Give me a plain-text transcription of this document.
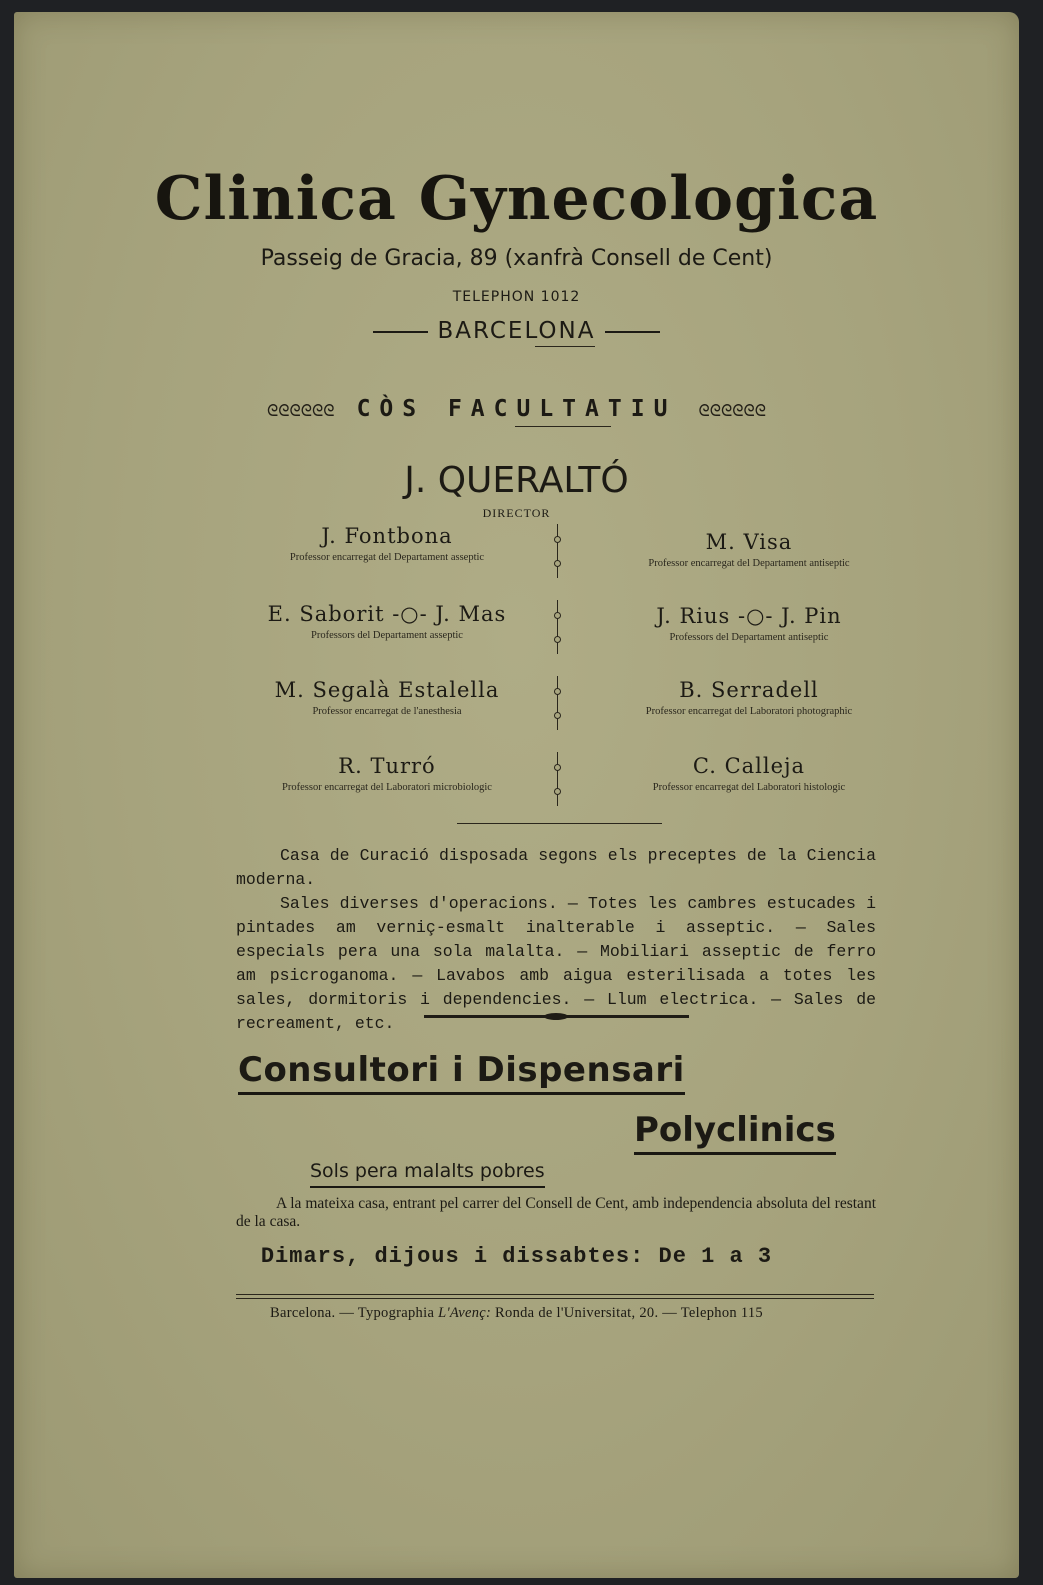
Clinica Gynecologica
Passeig de Gracia, 89 (xanfrà Consell de Cent)
TELEPHON 1012
BARCELONA
ᘓᘓᘓᘓᘓᘓ CÒS FACULTATIU ᘓᘓᘓᘓᘓᘓ
J. QUERALTÓ
DIRECTOR
J. Fontbona
Professor encarregat del Departament asseptic
M. Visa
Professor encarregat del Departament antiseptic
E. Saborit -○- J. Mas
Professors del Departament asseptic
J. Rius -○- J. Pin
Professors del Departament antiseptic
M. Segalà Estalella
Professor encarregat de l'anesthesia
B. Serradell
Professor encarregat del Laboratori photographic
R. Turró
Professor encarregat del Laboratori microbiologic
C. Calleja
Professor encarregat del Laboratori histologic

Casa de Curació disposada segons els preceptes de la Ciencia moderna.

Sales diverses d'operacions. — Totes les cambres estucades i pintades am verniç-esmalt inalterable i asseptic. — Sales especials pera una sola malalta. — Mobiliari asseptic de ferro am psicroganoma. — Lavabos amb aigua esterilisada a totes les sales, dormitoris i dependencies. — Llum electrica. — Sales de recreament, etc.

Consultori i Dispensari
Polyclinics
Sols pera malalts pobres

A la mateixa casa, entrant pel carrer del Consell de Cent, amb independencia absoluta del restant de la casa.

Dimars, dijous i dissabtes: De 1 a 3
Barcelona. — Typographia L'Avenç: Ronda de l'Universitat, 20. — Telephon 115
